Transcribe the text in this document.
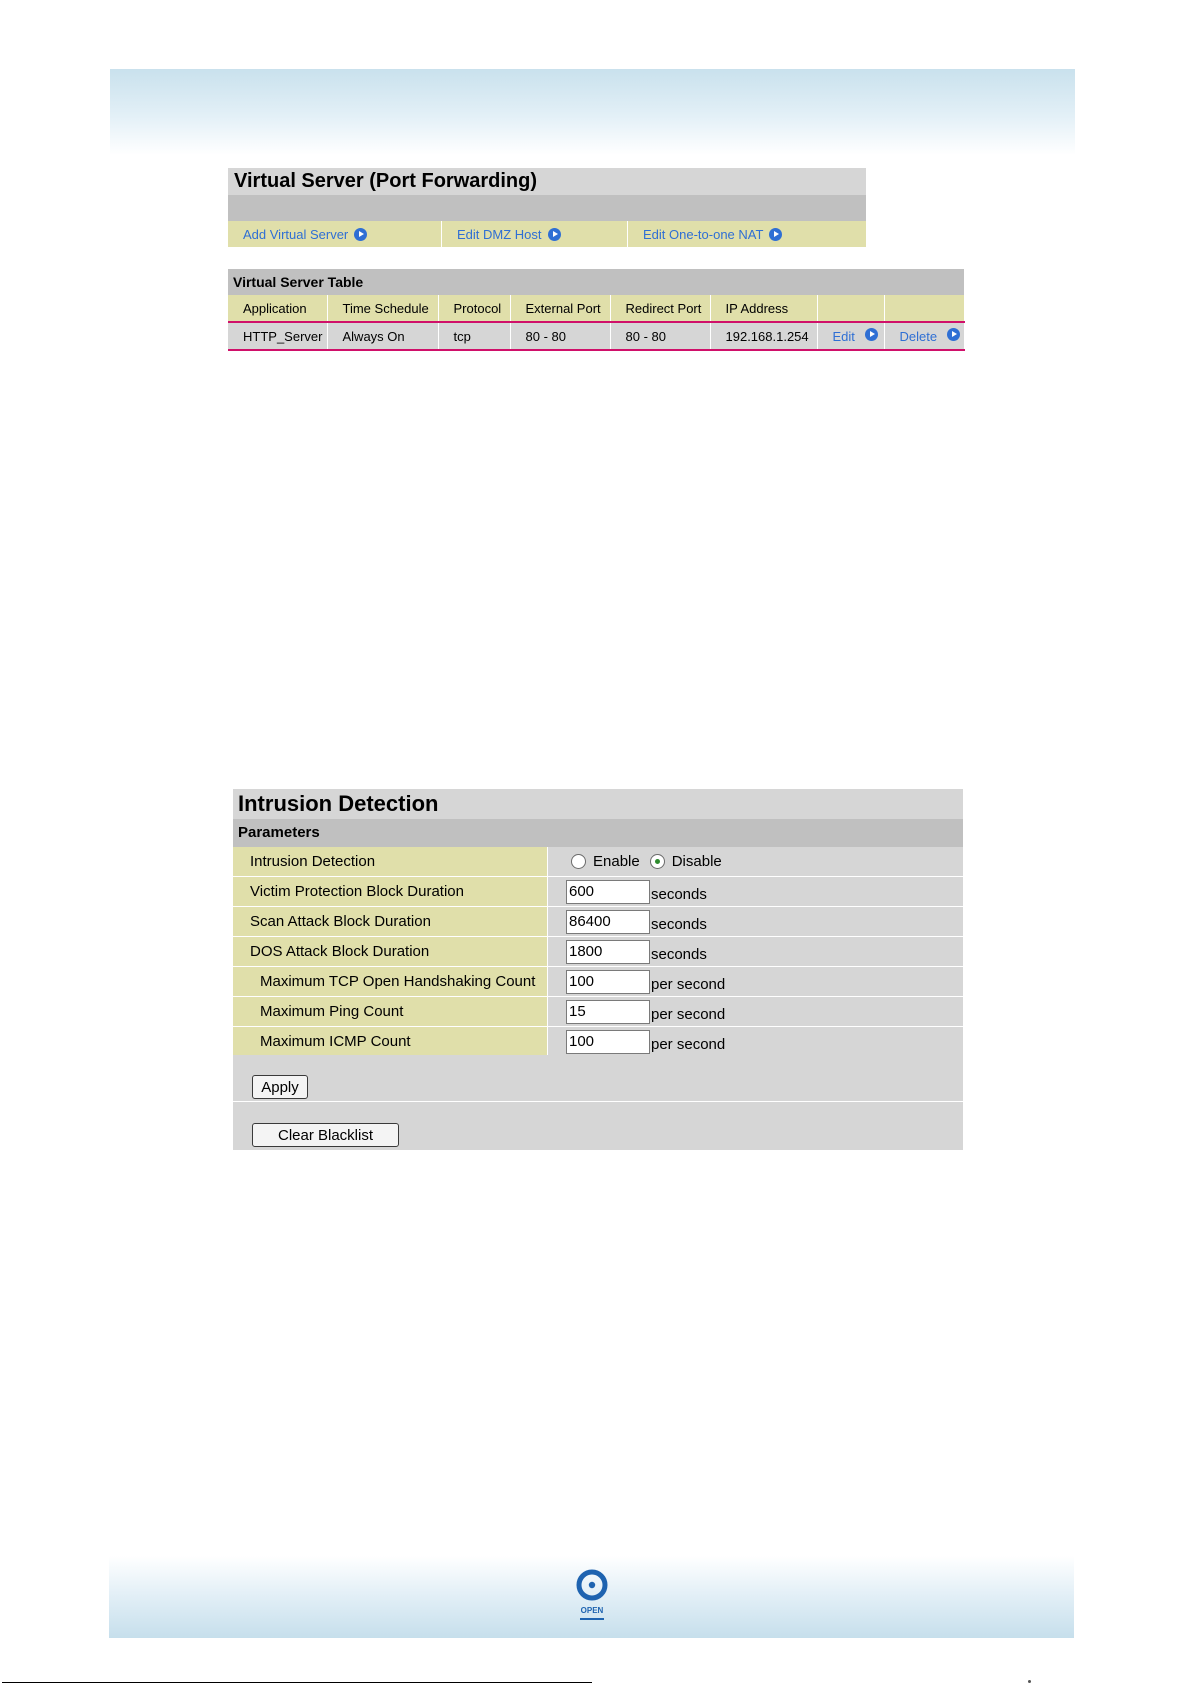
Virtual Server (Port Forwarding)
Add Virtual Server	Edit DMZ Host	Edit One-to-one NAT
Virtual Server Table
Application	Time Schedule	Protocol	External Port	Redirect Port	IP Address		
HTTP_Server	Always On	tcp	80 - 80	80 - 80	192.168.1.254	Edit	Delete
Intrusion Detection
Parameters
Intrusion Detection	Enable Disable
Victim Protection Block Duration
600	seconds
Scan Attack Block Duration
86400	seconds
DOS Attack Block Duration
1800	seconds
Maximum TCP Open Handshaking Count
100	per second
Maximum Ping Count
15	per second
Maximum ICMP Count
100	per second
Apply
Clear Blacklist
OPEN
